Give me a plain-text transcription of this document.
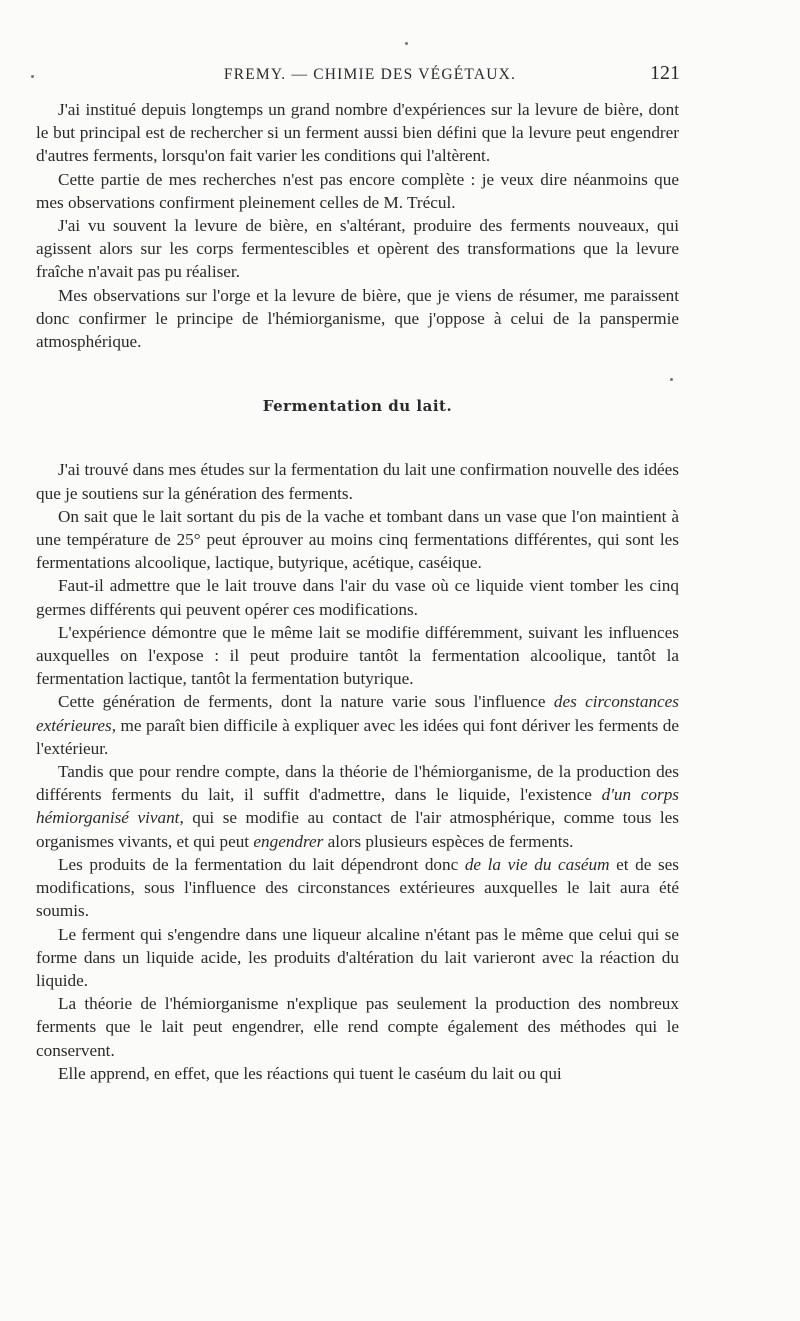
FREMY. — CHIMIE DES VÉGÉTAUX.	121

J'ai institué depuis longtemps un grand nombre d'expériences sur la levure de bière, dont le but principal est de rechercher si un ferment aussi bien défini que la levure peut engendrer d'autres ferments, lorsqu'on fait varier les conditions qui l'altèrent.

Cette partie de mes recherches n'est pas encore complète : je veux dire néanmoins que mes observations confirment pleinement celles de M. Trécul.

J'ai vu souvent la levure de bière, en s'altérant, produire des ferments nouveaux, qui agissent alors sur les corps fermentescibles et opèrent des transformations que la levure fraîche n'avait pas pu réaliser.

Mes observations sur l'orge et la levure de bière, que je viens de résumer, me paraissent donc confirmer le principe de l'hémiorganisme, que j'oppose à celui de la panspermie atmosphérique.

Fermentation du lait.

J'ai trouvé dans mes études sur la fermentation du lait une confirmation nouvelle des idées que je soutiens sur la génération des ferments.

On sait que le lait sortant du pis de la vache et tombant dans un vase que l'on maintient à une température de 25° peut éprouver au moins cinq fermentations différentes, qui sont les fermentations alcoolique, lactique, butyrique, acétique, caséique.

Faut-il admettre que le lait trouve dans l'air du vase où ce liquide vient tomber les cinq germes différents qui peuvent opérer ces modifications.

L'expérience démontre que le même lait se modifie différemment, suivant les influences auxquelles on l'expose : il peut produire tantôt la fermentation alcoolique, tantôt la fermentation lactique, tantôt la fermentation butyrique.

Cette génération de ferments, dont la nature varie sous l'influence des circonstances extérieures, me paraît bien difficile à expliquer avec les idées qui font dériver les ferments de l'extérieur.

Tandis que pour rendre compte, dans la théorie de l'hémiorganisme, de la production des différents ferments du lait, il suffit d'admettre, dans le liquide, l'existence d'un corps hémiorganisé vivant, qui se modifie au contact de l'air atmosphérique, comme tous les organismes vivants, et qui peut engendrer alors plusieurs espèces de ferments.

Les produits de la fermentation du lait dépendront donc de la vie du caséum et de ses modifications, sous l'influence des circonstances extérieures auxquelles le lait aura été soumis.

Le ferment qui s'engendre dans une liqueur alcaline n'étant pas le même que celui qui se forme dans un liquide acide, les produits d'altération du lait varieront avec la réaction du liquide.

La théorie de l'hémiorganisme n'explique pas seulement la production des nombreux ferments que le lait peut engendrer, elle rend compte également des méthodes qui le conservent.

Elle apprend, en effet, que les réactions qui tuent le caséum du lait ou qui
